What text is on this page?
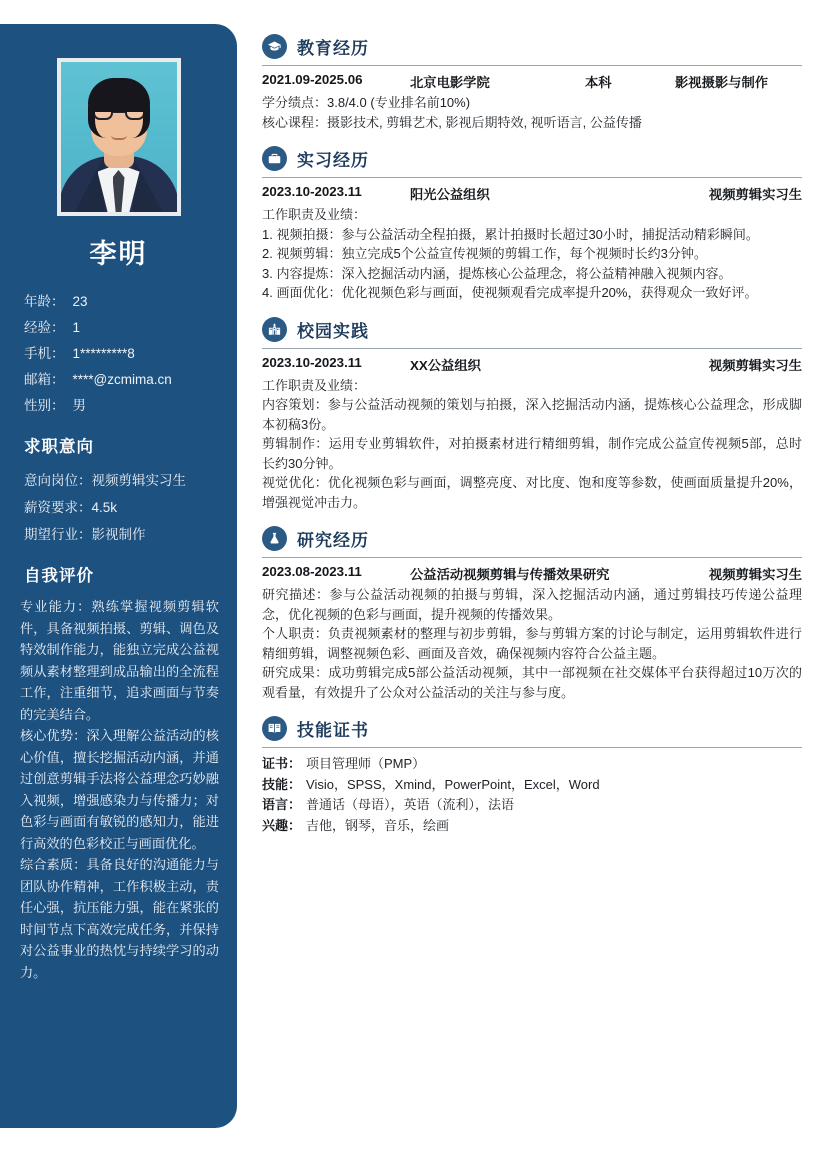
李明
年龄： 23
经验： 1
手机： 1*********8
邮箱： ****@zcmima.cn
性别： 男
求职意向
意向岗位：视频剪辑实习生
薪资要求：4.5k
期望行业：影视制作
自我评价
专业能力：熟练掌握视频剪辑软件，具备视频拍摄、剪辑、调色及特效制作能力，能独立完成公益视频从素材整理到成品输出的全流程工作，注重细节，追求画面与节奏的完美结合。
核心优势：深入理解公益活动的核心价值，擅长挖掘活动内涵，并通过创意剪辑手法将公益理念巧妙融入视频，增强感染力与传播力；对色彩与画面有敏锐的感知力，能进行高效的色彩校正与画面优化。
综合素质：具备良好的沟通能力与团队协作精神，工作积极主动，责任心强，抗压能力强，能在紧张的时间节点下高效完成任务，并保持对公益事业的热忱与持续学习的动力。
教育经历
2021.09-2025.06	北京电影学院	本科	影视摄影与制作
学分绩点：3.8/4.0 (专业排名前10%)
核心课程：摄影技术, 剪辑艺术, 影视后期特效, 视听语言, 公益传播
实习经历
2023.10-2023.11	阳光公益组织	视频剪辑实习生
工作职责及业绩：
1. 视频拍摄：参与公益活动全程拍摄，累计拍摄时长超过30小时，捕捉活动精彩瞬间。
2. 视频剪辑：独立完成5个公益宣传视频的剪辑工作，每个视频时长约3分钟。
3. 内容提炼：深入挖掘活动内涵，提炼核心公益理念，将公益精神融入视频内容。
4. 画面优化：优化视频色彩与画面，使视频观看完成率提升20%，获得观众一致好评。
校园实践
2023.10-2023.11	XX公益组织	视频剪辑实习生
工作职责及业绩：
内容策划：参与公益活动视频的策划与拍摄，深入挖掘活动内涵，提炼核心公益理念，形成脚本初稿3份。
剪辑制作：运用专业剪辑软件，对拍摄素材进行精细剪辑，制作完成公益宣传视频5部，总时长约30分钟。
视觉优化：优化视频色彩与画面，调整亮度、对比度、饱和度等参数，使画面质量提升20%，增强视觉冲击力。
研究经历
2023.08-2023.11	公益活动视频剪辑与传播效果研究	视频剪辑实习生
研究描述：参与公益活动视频的拍摄与剪辑，深入挖掘活动内涵，通过剪辑技巧传递公益理念，优化视频的色彩与画面，提升视频的传播效果。
个人职责：负责视频素材的整理与初步剪辑，参与剪辑方案的讨论与制定，运用剪辑软件进行精细剪辑，调整视频色彩、画面及音效，确保视频内容符合公益主题。
研究成果：成功剪辑完成5部公益活动视频，其中一部视频在社交媒体平台获得超过10万次的观看量，有效提升了公众对公益活动的关注与参与度。
技能证书
证书： 项目管理师（PMP）
技能： Visio，SPSS，Xmind，PowerPoint，Excel，Word
语言： 普通话（母语），英语（流利），法语
兴趣： 吉他，钢琴，音乐，绘画
